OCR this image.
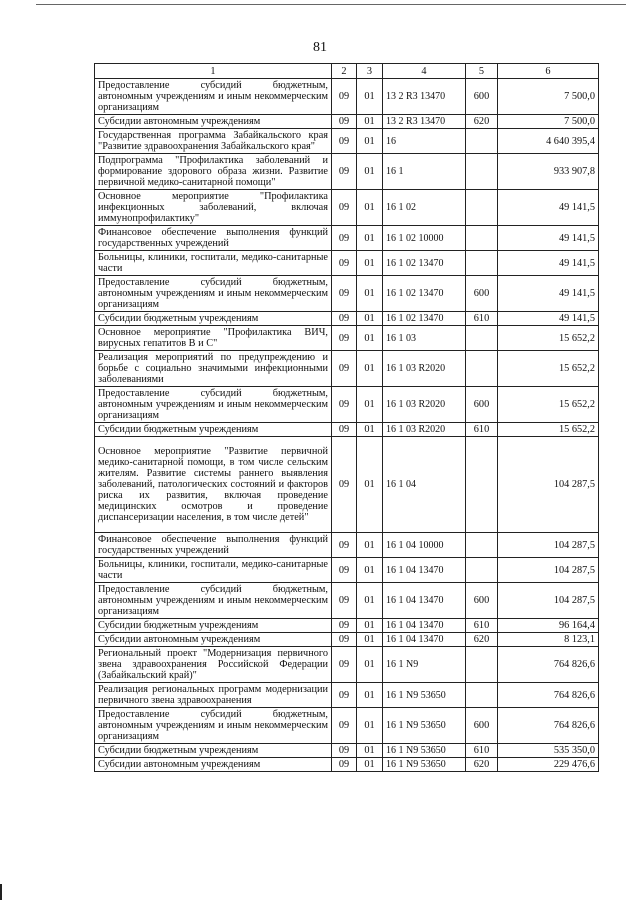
81
1	2	3	4	5	6
Предоставление субсидий бюджетным, автономным учреждениям и иным некоммерческим организациям	09	01	13 2 R3 13470	600	7 500,0
Субсидии автономным учреждениям	09	01	13 2 R3 13470	620	7 500,0
Государственная программа Забайкальского края "Развитие здравоохранения Забайкальского края"	09	01	16		4 640 395,4
Подпрограмма "Профилактика заболеваний и формирование здорового образа жизни. Развитие первичной медико-санитарной помощи"	09	01	16 1		933 907,8
Основное мероприятие "Профилактика инфекционных заболеваний, включая иммунопрофилактику"	09	01	16 1 02		49 141,5
Финансовое обеспечение выполнения функций государственных учреждений	09	01	16 1 02 10000		49 141,5
Больницы, клиники, госпитали, медико-санитарные части	09	01	16 1 02 13470		49 141,5
Предоставление субсидий бюджетным, автономным учреждениям и иным некоммерческим организациям	09	01	16 1 02 13470	600	49 141,5
Субсидии бюджетным учреждениям	09	01	16 1 02 13470	610	49 141,5
Основное мероприятие "Профилактика ВИЧ, вирусных гепатитов В и С"	09	01	16 1 03		15 652,2
Реализация мероприятий по предупреждению и борьбе с социально значимыми инфекционными заболеваниями	09	01	16 1 03 R2020		15 652,2
Предоставление субсидий бюджетным, автономным учреждениям и иным некоммерческим организациям	09	01	16 1 03 R2020	600	15 652,2
Субсидии бюджетным учреждениям	09	01	16 1 03 R2020	610	15 652,2
Основное мероприятие "Развитие первичной медико-санитарной помощи, в том числе сельским жителям. Развитие системы раннего выявления заболеваний, патологических состояний и факторов риска их развития, включая проведение медицинских осмотров и проведение диспансеризации населения, в том числе детей"	09	01	16 1 04		104 287,5
Финансовое обеспечение выполнения функций государственных учреждений	09	01	16 1 04 10000		104 287,5
Больницы, клиники, госпитали, медико-санитарные части	09	01	16 1 04 13470		104 287,5
Предоставление субсидий бюджетным, автономным учреждениям и иным некоммерческим организациям	09	01	16 1 04 13470	600	104 287,5
Субсидии бюджетным учреждениям	09	01	16 1 04 13470	610	96 164,4
Субсидии автономным учреждениям	09	01	16 1 04 13470	620	8 123,1
Региональный проект "Модернизация первичного звена здравоохранения Российской Федерации (Забайкальский край)"	09	01	16 1 N9		764 826,6
Реализация региональных программ модернизации первичного звена здравоохранения	09	01	16 1 N9 53650		764 826,6
Предоставление субсидий бюджетным, автономным учреждениям и иным некоммерческим организациям	09	01	16 1 N9 53650	600	764 826,6
Субсидии бюджетным учреждениям	09	01	16 1 N9 53650	610	535 350,0
Субсидии автономным учреждениям	09	01	16 1 N9 53650	620	229 476,6
